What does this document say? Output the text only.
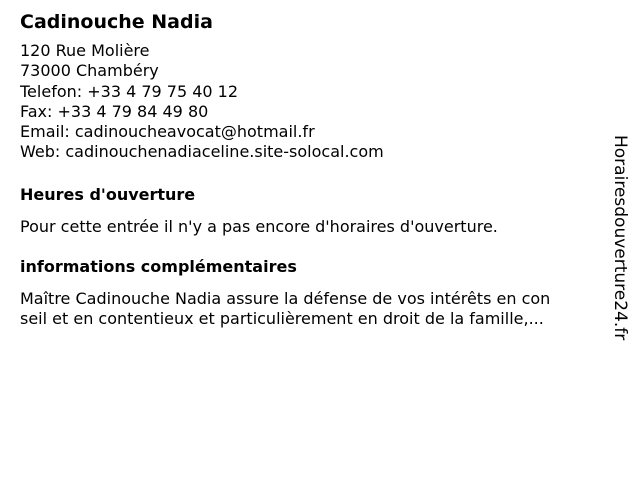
Cadinouche Nadia
120 Rue Molière
73000 Chambéry
Telefon: +33 4 79 75 40 12
Fax: +33 4 79 84 49 80
Email: cadinoucheavocat@hotmail.fr
Web: cadinouchenadiaceline.site-solocal.com
Heures d'ouverture
Pour cette entrée il n'y a pas encore d'horaires d'ouverture.
informations complémentaires
Maître Cadinouche Nadia assure la défense de vos intérêts en con
seil et en contentieux et particulièrement en droit de la famille,...	Horairesdouverture24.fr
